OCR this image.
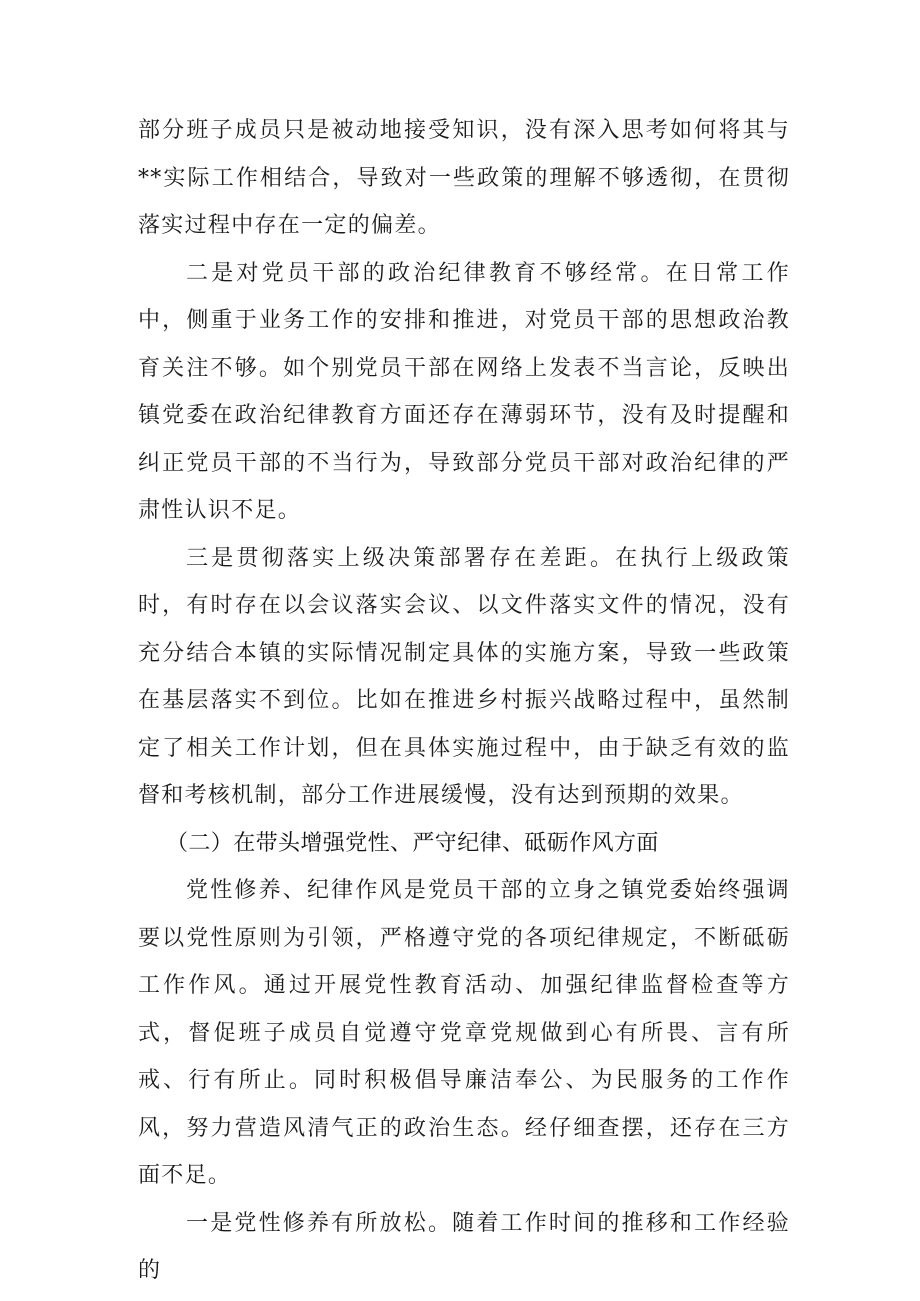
部分班子成员只是被动地接受知识，没有深入思考如何将其与**实际工作相结合，导致对一些政策的理解不够透彻，在贯彻落实过程中存在一定的偏差。

二是对党员干部的政治纪律教育不够经常。在日常工作中，侧重于业务工作的安排和推进，对党员干部的思想政治教育关注不够。如个别党员干部在网络上发表不当言论，反映出镇党委在政治纪律教育方面还存在薄弱环节，没有及时提醒和纠正党员干部的不当行为，导致部分党员干部对政治纪律的严肃性认识不足。

三是贯彻落实上级决策部署存在差距。在执行上级政策时，有时存在以会议落实会议、以文件落实文件的情况，没有充分结合本镇的实际情况制定具体的实施方案，导致一些政策在基层落实不到位。比如在推进乡村振兴战略过程中，虽然制定了相关工作计划，但在具体实施过程中，由于缺乏有效的监督和考核机制，部分工作进展缓慢，没有达到预期的效果。

（二）在带头增强党性、严守纪律、砥砺作风方面

党性修养、纪律作风是党员干部的立身之镇党委始终强调要以党性原则为引领，严格遵守党的各项纪律规定，不断砥砺工作作风。通过开展党性教育活动、加强纪律监督检查等方式，督促班子成员自觉遵守党章党规做到心有所畏、言有所戒、行有所止。同时积极倡导廉洁奉公、为民服务的工作作风，努力营造风清气正的政治生态。经仔细查摆，还存在三方面不足。

一是党性修养有所放松。随着工作时间的推移和工作经验的
